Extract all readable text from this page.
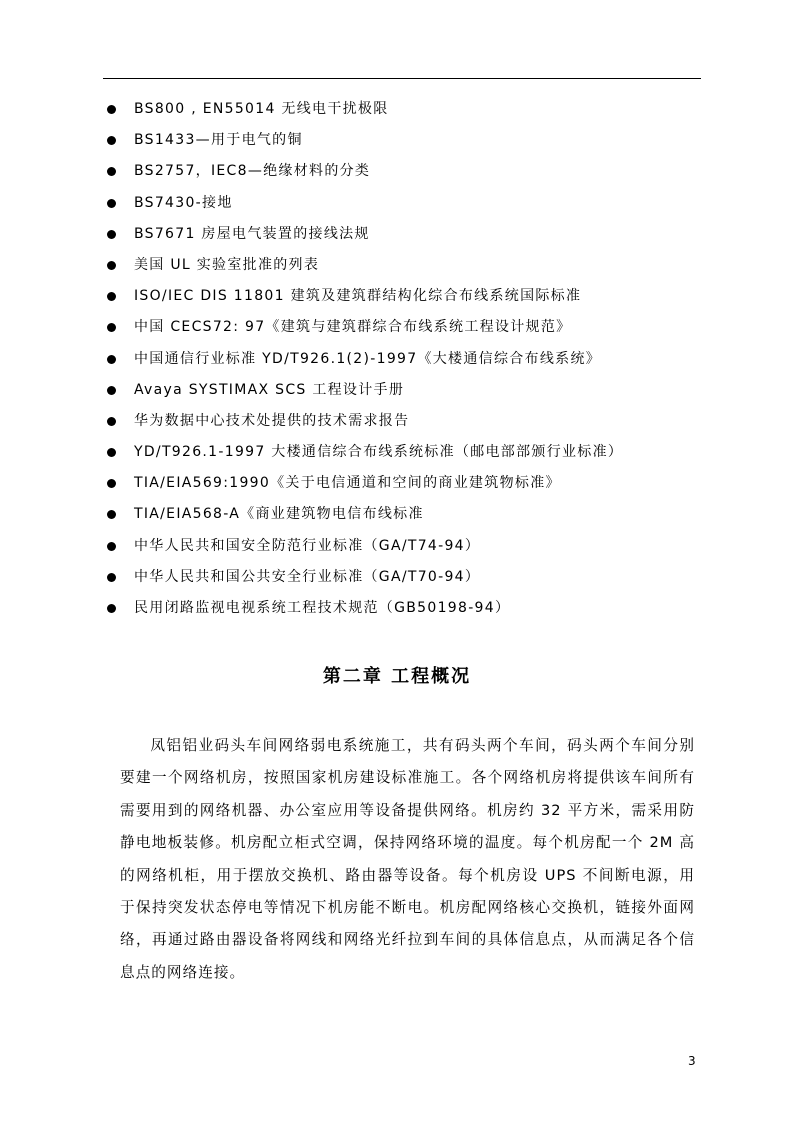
BS800 , EN55014 无线电干扰极限
BS1433—用于电气的铜
BS2757，IEC8—绝缘材料的分类
BS7430-接地
BS7671 房屋电气装置的接线法规
美国 UL 实验室批准的列表
ISO/IEC DIS 11801 建筑及建筑群结构化综合布线系统国际标准
中国 CECS72: 97《建筑与建筑群综合布线系统工程设计规范》
中国通信行业标准 YD/T926.1(2)-1997《大楼通信综合布线系统》
Avaya SYSTIMAX SCS 工程设计手册
华为数据中心技术处提供的技术需求报告
YD/T926.1-1997 大楼通信综合布线系统标准（邮电部部颁行业标准）
TIA/EIA569:1990《关于电信通道和空间的商业建筑物标准》
TIA/EIA568-A《商业建筑物电信布线标准
中华人民共和国安全防范行业标准（GA/T74-94）
中华人民共和国公共安全行业标准（GA/T70-94）
民用闭路监视电视系统工程技术规范（GB50198-94）
第二章 工程概况

凤铝铝业码头车间网络弱电系统施工，共有码头两个车间，码头两个车间分别要建一个网络机房，按照国家机房建设标准施工。各个网络机房将提供该车间所有需要用到的网络机器、办公室应用等设备提供网络。机房约 32 平方米，需采用防静电地板装修。机房配立柜式空调，保持网络环境的温度。每个机房配一个 2M 高的网络机柜，用于摆放交换机、路由器等设备。每个机房设 UPS 不间断电源，用于保持突发状态停电等情况下机房能不断电。机房配网络核心交换机，链接外面网络，再通过路由器设备将网线和网络光纤拉到车间的具体信息点，从而满足各个信息点的网络连接。

3
